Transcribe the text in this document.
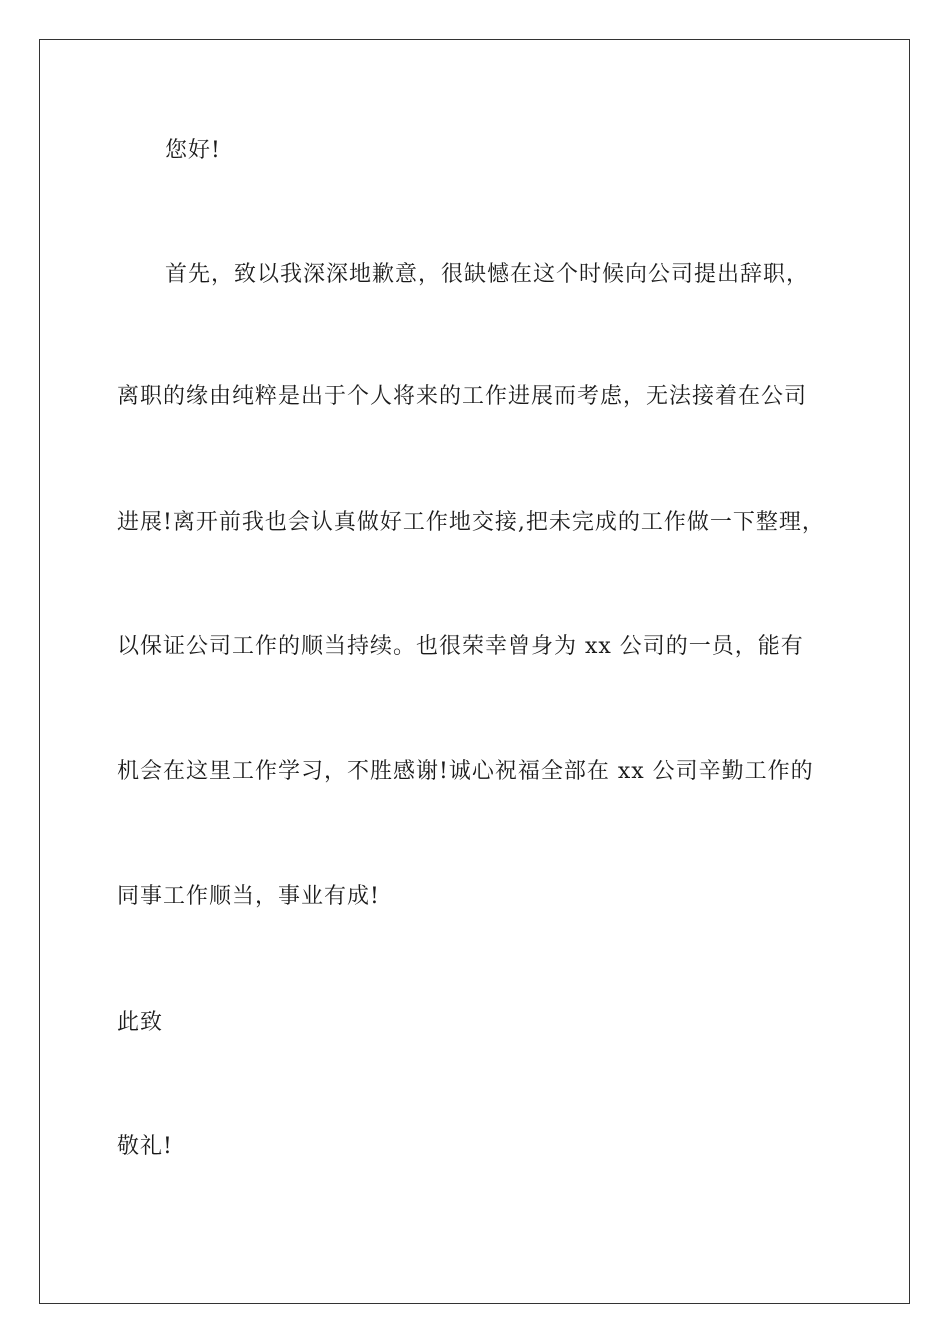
您好!
首先，致以我深深地歉意，很缺憾在这个时候向公司提出辞职，
离职的缘由纯粹是出于个人将来的工作进展而考虑，无法接着在公司
进展!离开前我也会认真做好工作地交接,把未完成的工作做一下整理，
以保证公司工作的顺当持续。也很荣幸曾身为 xx 公司的一员，能有
机会在这里工作学习，不胜感谢!诚心祝福全部在 xx 公司辛勤工作的
同事工作顺当，事业有成!
此致
敬礼!
